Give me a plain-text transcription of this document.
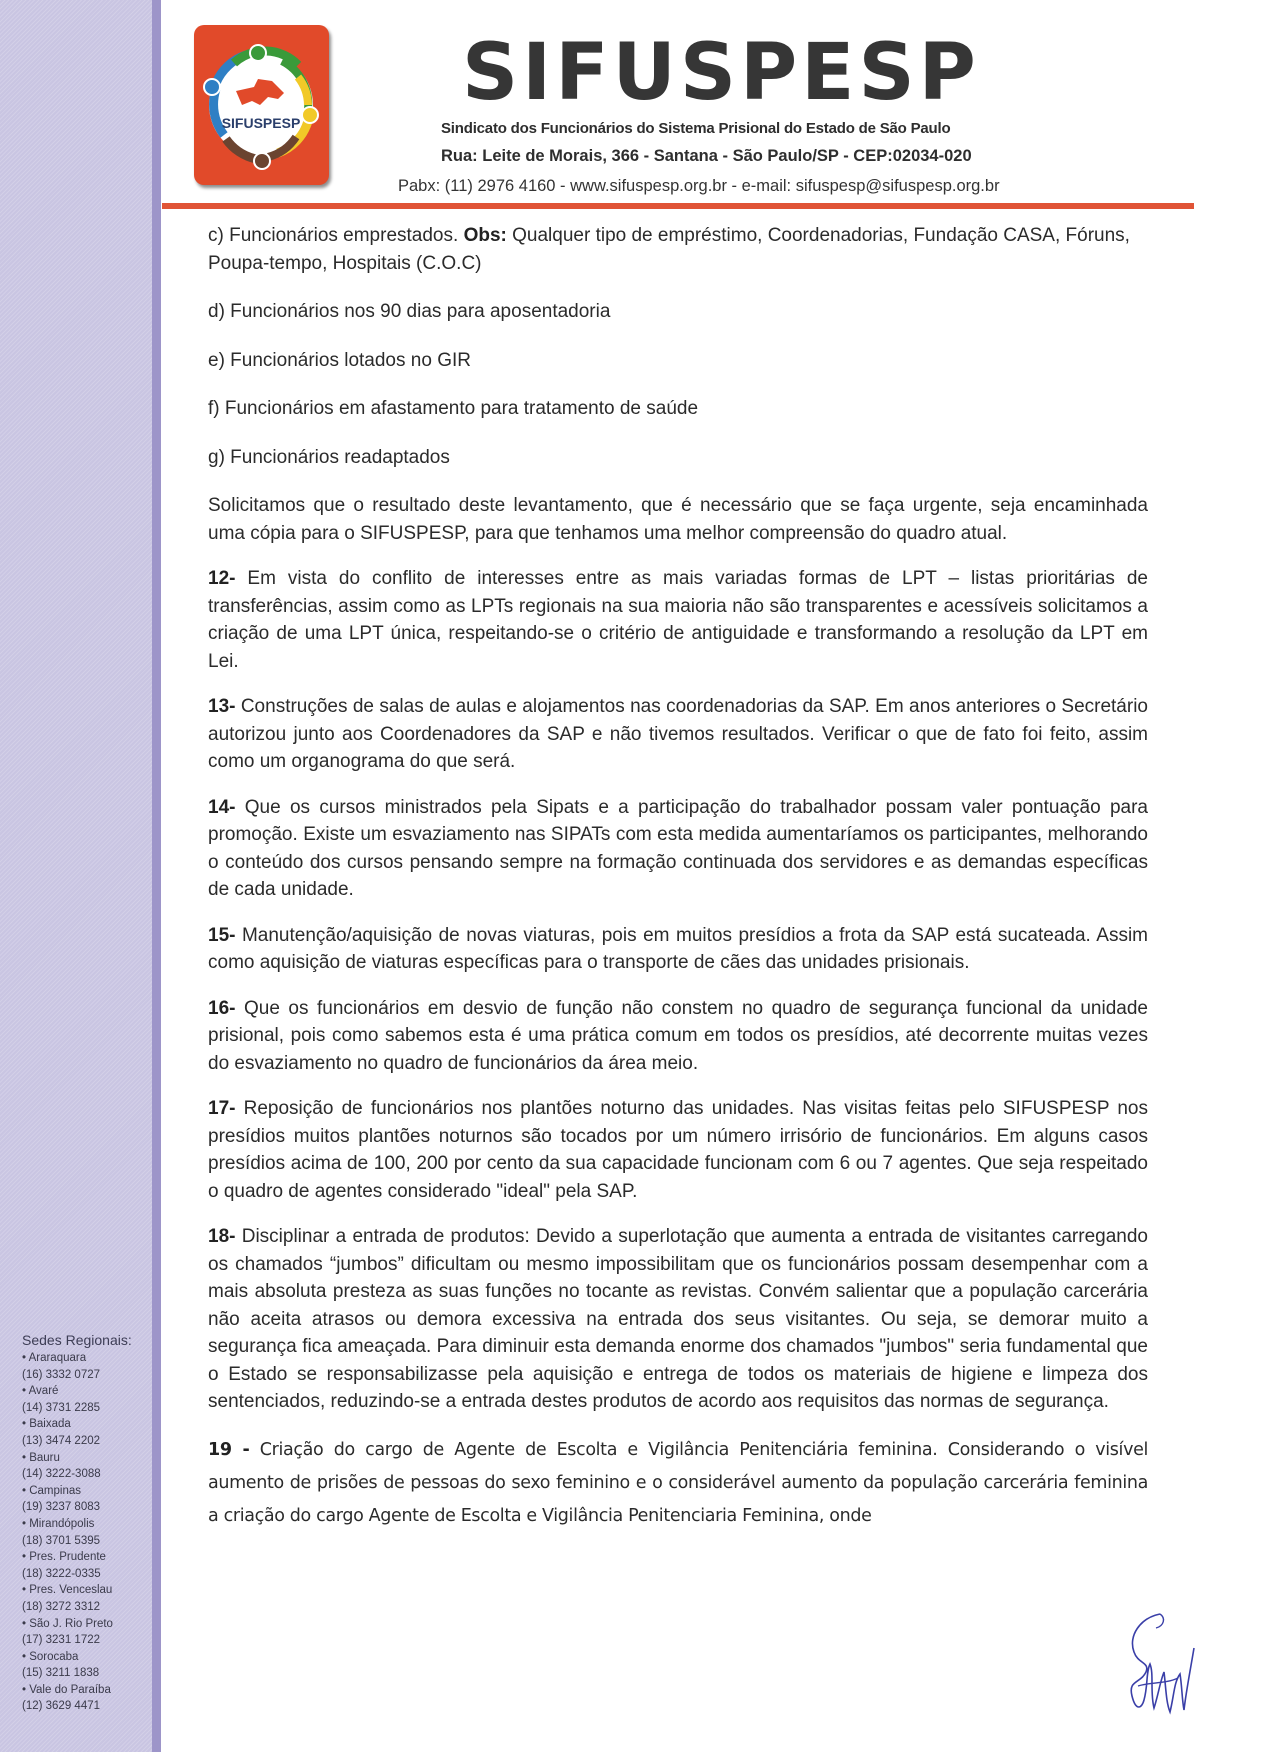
Sedes Regionais:
• Araraquara
(16) 3332 0727
• Avaré
(14) 3731 2285
• Baixada
(13) 3474 2202
• Bauru
(14) 3222-3088
• Campinas
(19) 3237 8083
• Mirandópolis
(18) 3701 5395
• Pres. Prudente
(18) 3222-0335
• Pres. Venceslau
(18) 3272 3312
• São J. Rio Preto
(17) 3231 1722
• Sorocaba
(15) 3211 1838
• Vale do Paraíba
(12) 3629 4471
SIFUSPESP
SIFUSPESP
Sindicato dos Funcionários do Sistema Prisional do Estado de São Paulo
Rua: Leite de Morais, 366 - Santana - São Paulo/SP - CEP:02034-020
Pabx: (11) 2976 4160 - www.sifuspesp.org.br - e-mail: sifuspesp@sifuspesp.org.br

c) Funcionários emprestados. Obs: Qualquer tipo de empréstimo, Coordenadorias, Fundação CASA, Fóruns, Poupa-tempo, Hospitais (C.O.C)

d) Funcionários nos 90 dias para aposentadoria

e) Funcionários lotados no GIR

f) Funcionários em afastamento para tratamento de saúde

g) Funcionários readaptados

Solicitamos que o resultado deste levantamento, que é necessário que se faça urgente, seja encaminhada uma cópia para o SIFUSPESP, para que tenhamos uma melhor compreensão do quadro atual.

12- Em vista do conflito de interesses entre as mais variadas formas de LPT – listas prioritárias de transferências, assim como as LPTs regionais na sua maioria não são transparentes e acessíveis solicitamos a criação de uma LPT única, respeitando-se o critério de antiguidade e transformando a resolução da LPT em Lei.

13- Construções de salas de aulas e alojamentos nas coordenadorias da SAP. Em anos anteriores o Secretário autorizou junto aos Coordenadores da SAP e não tivemos resultados. Verificar o que de fato foi feito, assim como um organograma do que será.

14- Que os cursos ministrados pela Sipats e a participação do trabalhador possam valer pontuação para promoção. Existe um esvaziamento nas SIPATs com esta medida aumentaríamos os participantes, melhorando o conteúdo dos cursos pensando sempre na formação continuada dos servidores e as demandas específicas de cada unidade.

15- Manutenção/aquisição de novas viaturas, pois em muitos presídios a frota da SAP está sucateada. Assim como aquisição de viaturas específicas para o transporte de cães das unidades prisionais.

16- Que os funcionários em desvio de função não constem no quadro de segurança funcional da unidade prisional, pois como sabemos esta é uma prática comum em todos os presídios, até decorrente muitas vezes do esvaziamento no quadro de funcionários da área meio.

17- Reposição de funcionários nos plantões noturno das unidades. Nas visitas feitas pelo SIFUSPESP nos presídios muitos plantões noturnos são tocados por um número irrisório de funcionários. Em alguns casos presídios acima de 100, 200 por cento da sua capacidade funcionam com 6 ou 7 agentes. Que seja respeitado o quadro de agentes considerado "ideal" pela SAP.

18- Disciplinar a entrada de produtos: Devido a superlotação que aumenta a entrada de visitantes carregando os chamados “jumbos” dificultam ou mesmo impossibilitam que os funcionários possam desempenhar com a mais absoluta presteza as suas funções no tocante as revistas. Convém salientar que a população carcerária não aceita atrasos ou demora excessiva na entrada dos seus visitantes. Ou seja, se demorar muito a segurança fica ameaçada. Para diminuir esta demanda enorme dos chamados "jumbos" seria fundamental que o Estado se responsabilizasse pela aquisição e entrega de todos os materiais de higiene e limpeza dos sentenciados, reduzindo-se a entrada destes produtos de acordo aos requisitos das normas de segurança.

19 - Criação do cargo de Agente de Escolta e Vigilância Penitenciária feminina. Considerando o visível aumento de prisões de pessoas do sexo feminino e o considerável aumento da população carcerária feminina a criação do cargo Agente de Escolta e Vigilância Penitenciaria Feminina, onde
